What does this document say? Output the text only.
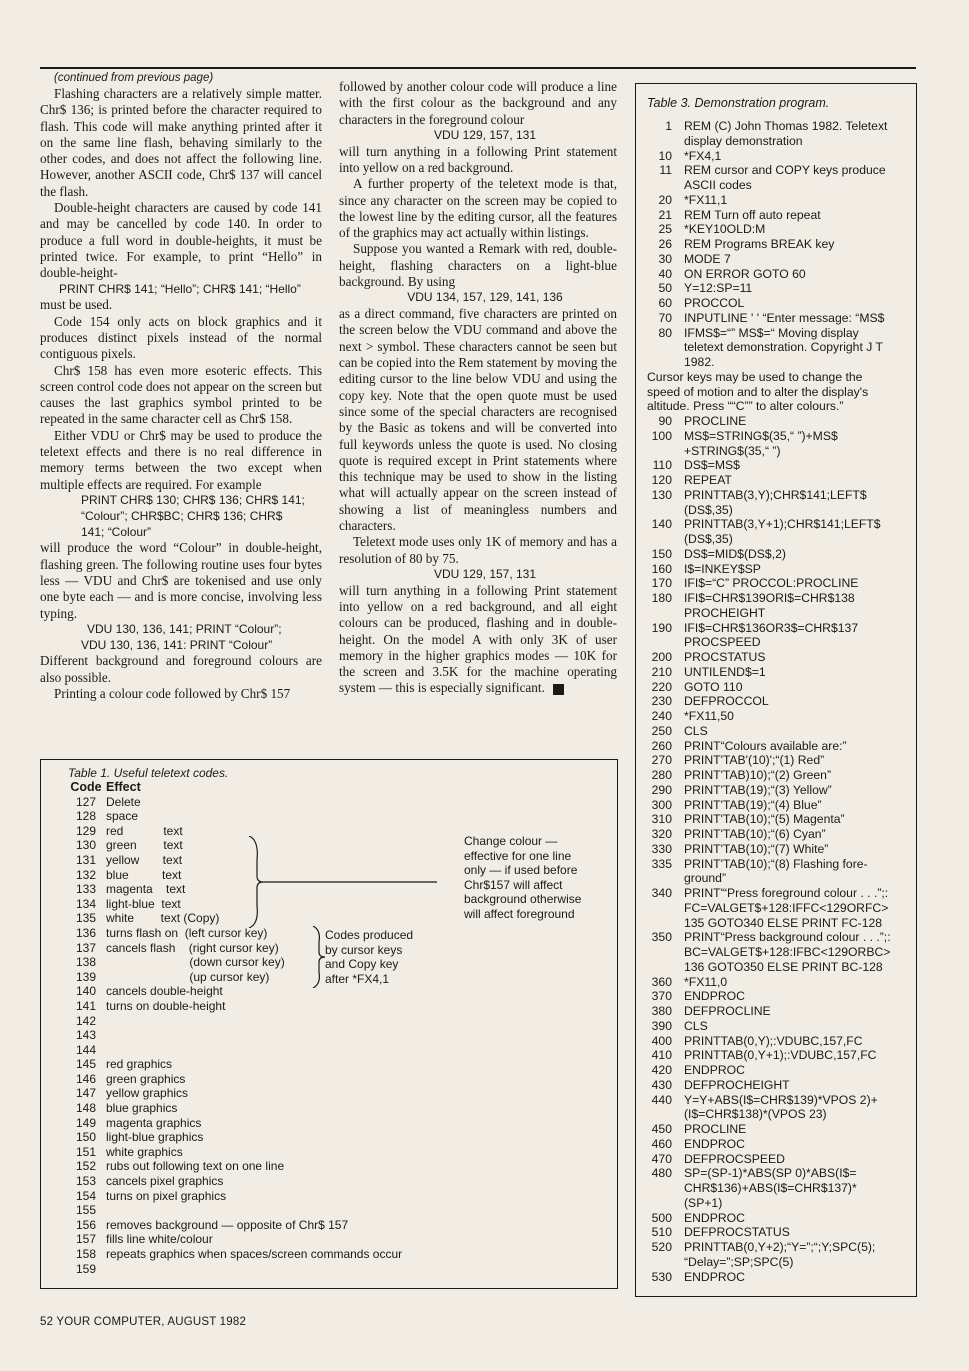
(continued from previous page)

Flashing characters are a relatively simple matter. Chr$ 136; is printed before the character required to flash. This code will make anything printed after it on the same line flash, behaving similarly to the other codes, and does not affect the following line. However, another ASCII code, Chr$ 137 will cancel the flash.

Double-height characters are caused by code 141 and may be cancelled by code 140. In order to produce a full word in double-heights, it must be printed twice. For example, to print “Hello” in double-height-

PRINT CHR$ 141; “Hello”; CHR$ 141; “Hello”

must be used.

Code 154 only acts on block graphics and it produces distinct pixels instead of the normal contiguous pixels.

Chr$ 158 has even more esoteric effects. This screen control code does not appear on the screen but causes the last graphics symbol printed to be repeated in the same character cell as Chr$ 158.

Either VDU or Chr$ may be used to produce the teletext effects and there is no real difference in memory terms between the two except when multiple effects are required. For example

PRINT CHR$ 130; CHR$ 136; CHR$ 141;

“Colour”; CHR$BC; CHR$ 136; CHR$

141; “Colour”

will produce the word “Colour” in double-height, flashing green. The following routine uses four bytes less — VDU and Chr$ are tokenised and use only one byte each — and is more concise, involving less typing.

VDU 130, 136, 141; PRINT “Colour”;

VDU 130, 136, 141: PRINT “Colour”

Different background and foreground colours are also possible.

Printing a colour code followed by Chr$ 157

followed by another colour code will produce a line with the first colour as the background and any characters in the foreground colour

VDU 129, 157, 131

will turn anything in a following Print statement into yellow on a red background.

A further property of the teletext mode is that, since any character on the screen may be copied to the lowest line by the editing cursor, all the features of the graphics may act actually within listings.

Suppose you wanted a Remark with red, double-height, flashing characters on a light-blue background. By using

VDU 134, 157, 129, 141, 136

as a direct command, five characters are printed on the screen below the VDU command and above the next > symbol. These characters cannot be seen but can be copied into the Rem statement by moving the editing cursor to the line below VDU and using the copy key. Note that the open quote must be used since some of the special characters are recognised by the Basic as tokens and will be converted into full keywords unless the quote is used. No closing quote is required except in Print statements where this technique may be used to show in the listing what will actually appear on the screen instead of showing a list of meaningless numbers and characters.

Teletext mode uses only 1K of memory and has a resolution of 80 by 75.

VDU 129, 157, 131

will turn anything in a following Print statement into yellow on a red background, and all eight colours can be produced, flashing and in double-height. On the model A with only 3K of user memory in the higher graphics modes — 10K for the screen and 3.5K for the machine operating system — this is especially significant.

Table 1. Useful teletext codes.
Code Effect
127 Delete
128 space
129 red            text
130 green        text
131 yellow       text
132 blue          text
133 magenta    text
134 light-blue  text
135 white        text (Copy)
136 turns flash on  (left cursor key)
137 cancels flash    (right cursor key)
138 (down cursor key)
139 (up cursor key)
140 cancels double-height
141 turns on double-height
142
143
144
145 red graphics
146 green graphics
147 yellow graphics
148 blue graphics
149 magenta graphics
150 light-blue graphics
151 white graphics
152 rubs out following text on one line
153 cancels pixel graphics
154 turns on pixel graphics
155
156 removes background — opposite of Chr$ 157
157 fills line white/colour
158 repeats graphics when spaces/screen commands occur
159
Change colour —
effective for one line
only — if used before
Chr$157 will affect
background otherwise
will affect foreground
Codes produced
by cursor keys
and Copy key
after *FX4,1
Table 3. Demonstration program.
1 REM (C) John Thomas 1982. Teletext
display demonstration
10 *FX4,1
11 REM cursor and COPY keys produce
ASCII codes
20 *FX11,1
21 REM Turn off auto repeat
25 *KEY10OLD:M
26 REM Programs BREAK key
30 MODE 7
40 ON ERROR GOTO 60
50 Y=12:SP=11
60 PROCCOL
70 INPUTLINE ' ' “Enter message: “MS$
80 IFMS$=“” MS$=“ Moving display
teletext demonstration. Copyright J T
1982.
Cursor keys may be used to change the
speed of motion and to alter the display's
altitude. Press ““C”” to alter colours.”
90 PROCLINE
100 MS$=STRING$(35,“ ”)+MS$
+STRING$(35,“ ”)
110 DS$=MS$
120 REPEAT
130 PRINTTAB(3,Y);CHR$141;LEFT$
(DS$,35)
140 PRINTTAB(3,Y+1);CHR$141;LEFT$
(DS$,35)
150 DS$=MID$(DS$,2)
160 I$=INKEY$SP
170 IFI$=“C” PROCCOL:PROCLINE
180 IFI$=CHR$139ORI$=CHR$138
PROCHEIGHT
190 IFI$=CHR$136OR3$=CHR$137
PROCSPEED
200 PROCSTATUS
210 UNTILEND$=1
220 GOTO 110
230 DEFPROCCOL
240 *FX11,50
250 CLS
260 PRINT“Colours available are:”
270 PRINT'TAB'(10)';“(1) Red”
280 PRINT'TAB)10);“(2) Green”
290 PRINT'TAB(19);“(3) Yellow”
300 PRINT'TAB(19);“(4) Blue”
310 PRINT'TAB(10);“(5) Magenta”
320 PRINT'TAB(10);“(6) Cyan”
330 PRINT'TAB(10);“(7) White”
335 PRINT'TAB(10);“(8) Flashing fore-
ground”
340 PRINT'“Press foreground colour . . .”;:
FC=VALGET$+128:IFFC<129ORFC>
135 GOTO340 ELSE PRINT FC-128
350 PRINT“Press background colour . . .”;:
BC=VALGET$+128:IFBC<129ORBC>
136 GOTO350 ELSE PRINT BC-128
360 *FX11,0
370 ENDPROC
380 DEFPROCLINE
390 CLS
400 PRINTTAB(0,Y);:VDUBC,157,FC
410 PRINTTAB(0,Y+1);:VDUBC,157,FC
420 ENDPROC
430 DEFPROCHEIGHT
440 Y=Y+ABS(I$=CHR$139)*VPOS 2)+
(I$=CHR$138)*(VPOS 23)
450 PROCLINE
460 ENDPROC
470 DEFPROCSPEED
480 SP=(SP-1)*ABS(SP 0)*ABS(I$=
CHR$136)+ABS(I$=CHR$137)*
(SP+1)
500 ENDPROC
510 DEFPROCSTATUS
520 PRINTTAB(0,Y+2);“Y=”;“;Y;SPC(5);
“Delay=”;SP;SPC(5)
530 ENDPROC
52 YOUR COMPUTER, AUGUST 1982
